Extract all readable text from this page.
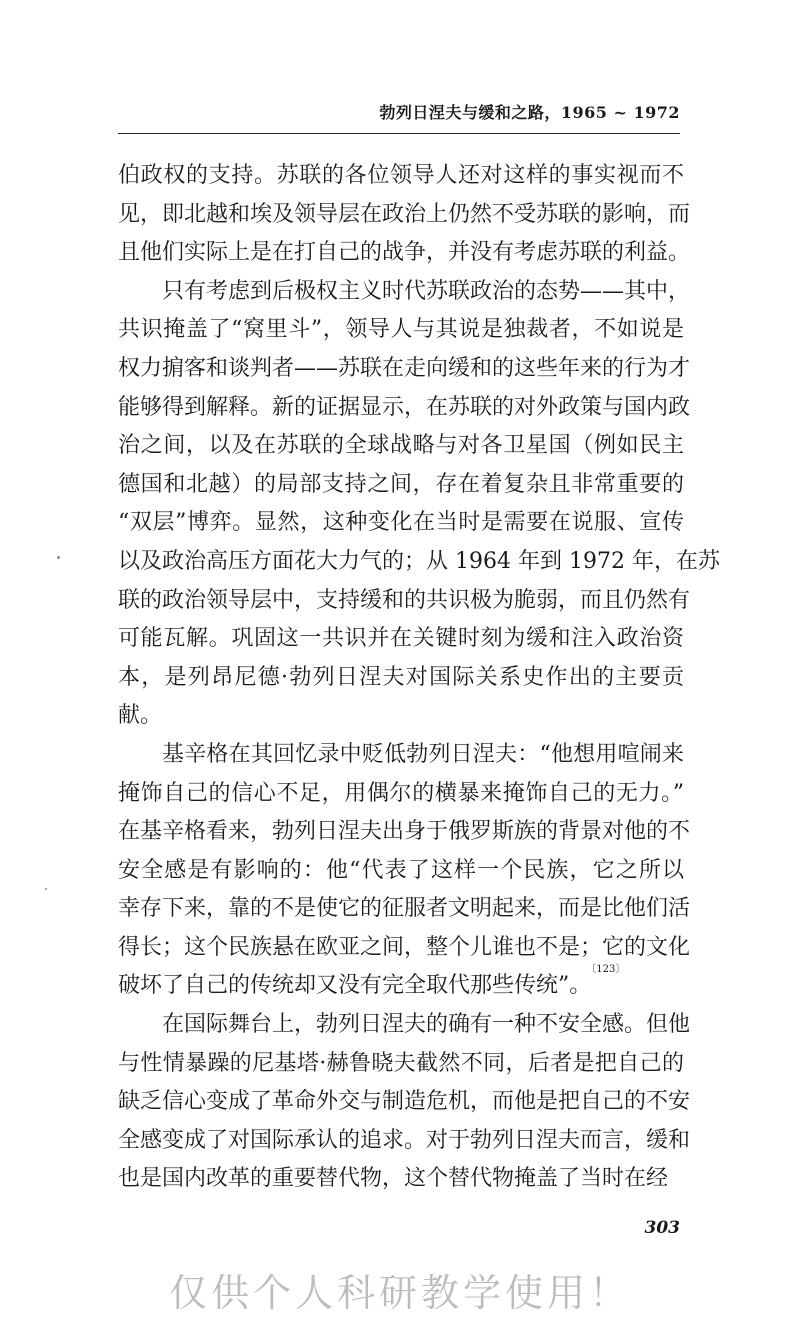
勃列日涅夫与缓和之路，1965 ~ 1972
伯政权的支持。苏联的各位领导人还对这样的事实视而不
见，即北越和埃及领导层在政治上仍然不受苏联的影响，而
且他们实际上是在打自己的战争，并没有考虑苏联的利益。
只有考虑到后极权主义时代苏联政治的态势——其中，
共识掩盖了“窝里斗”，领导人与其说是独裁者，不如说是
权力掮客和谈判者——苏联在走向缓和的这些年来的行为才
能够得到解释。新的证据显示，在苏联的对外政策与国内政
治之间，以及在苏联的全球战略与对各卫星国（例如民主
德国和北越）的局部支持之间，存在着复杂且非常重要的
“双层”博弈。显然，这种变化在当时是需要在说服、宣传
以及政治高压方面花大力气的；从 1964 年到 1972 年，在苏
联的政治领导层中，支持缓和的共识极为脆弱，而且仍然有
可能瓦解。巩固这一共识并在关键时刻为缓和注入政治资
本，是列昂尼德·勃列日涅夫对国际关系史作出的主要贡
献。
基辛格在其回忆录中贬低勃列日涅夫：“他想用喧闹来
掩饰自己的信心不足，用偶尔的横暴来掩饰自己的无力。”
在基辛格看来，勃列日涅夫出身于俄罗斯族的背景对他的不
安全感是有影响的：他“代表了这样一个民族，它之所以
幸存下来，靠的不是使它的征服者文明起来，而是比他们活
得长；这个民族悬在欧亚之间，整个儿谁也不是；它的文化
破坏了自己的传统却又没有完全取代那些传统”。$^{〔123〕}$
在国际舞台上，勃列日涅夫的确有一种不安全感。但他
与性情暴躁的尼基塔·赫鲁晓夫截然不同，后者是把自己的
缺乏信心变成了革命外交与制造危机，而他是把自己的不安
全感变成了对国际承认的追求。对于勃列日涅夫而言，缓和
也是国内改革的重要替代物，这个替代物掩盖了当时在经
303
仅供个人科研教学使用！
